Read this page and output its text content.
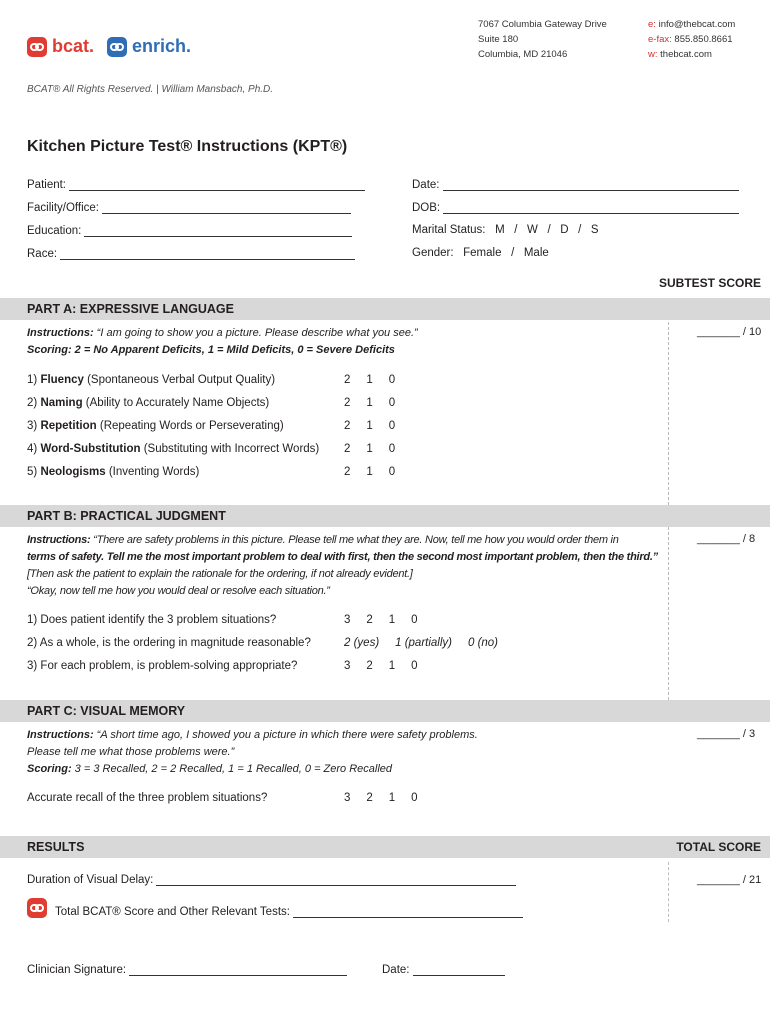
bcat. enrich.
7067 Columbia Gateway Drive
Suite 180
Columbia, MD 21046
e: info@thebcat.com
e-fax: 855.850.8661
w: thebcat.com
BCAT® All Rights Reserved. | William Mansbach, Ph.D.
Kitchen Picture Test® Instructions (KPT®)
Patient:	Date:
Facility/Office:	DOB:
Education:	Marital Status:   M   /   W   /   D   /   S
Race:	Gender:   Female   /   Male
SUBTEST SCORE
PART A: EXPRESSIVE LANGUAGE
Instructions: “I am going to show you a picture. Please describe what you see.”
Scoring: 2 = No Apparent Deficits, 1 = Mild Deficits, 0 = Severe Deficits
_______ / 10
1) Fluency (Spontaneous Verbal Output Quality)	2     1     0
2) Naming (Ability to Accurately Name Objects)	2     1     0
3) Repetition (Repeating Words or Perseverating)	2     1     0
4) Word-Substitution (Substituting with Incorrect Words) 2     1     0
5) Neologisms (Inventing Words)	2     1     0
PART B: PRACTICAL JUDGMENT
Instructions: “There are safety problems in this picture. Please tell me what they are. Now, tell me how you would order them in
terms of safety. Tell me the most important problem to deal with first, then the second most important problem, then the third.”
[Then ask the patient to explain the rationale for the ordering, if not already evident.]
“Okay, now tell me how you would deal or resolve each situation.”
_______ / 8
1) Does patient identify the 3 problem situations?	3     2     1     0
2) As a whole, is the ordering in magnitude reasonable?	2 (yes)     1 (partially)     0 (no)
3) For each problem, is problem-solving appropriate?	3     2     1     0
PART C: VISUAL MEMORY
Instructions: “A short time ago, I showed you a picture in which there were safety problems.
Please tell me what those problems were.”
Scoring: 3 = 3 Recalled, 2 = 2 Recalled, 1 = 1 Recalled, 0 = Zero Recalled
_______ / 3
Accurate recall of the three problem situations?	3     2     1     0
RESULTS	TOTAL SCORE
Duration of Visual Delay:	_______ / 21
Total BCAT® Score and Other Relevant Tests:
Clinician Signature:	Date:
